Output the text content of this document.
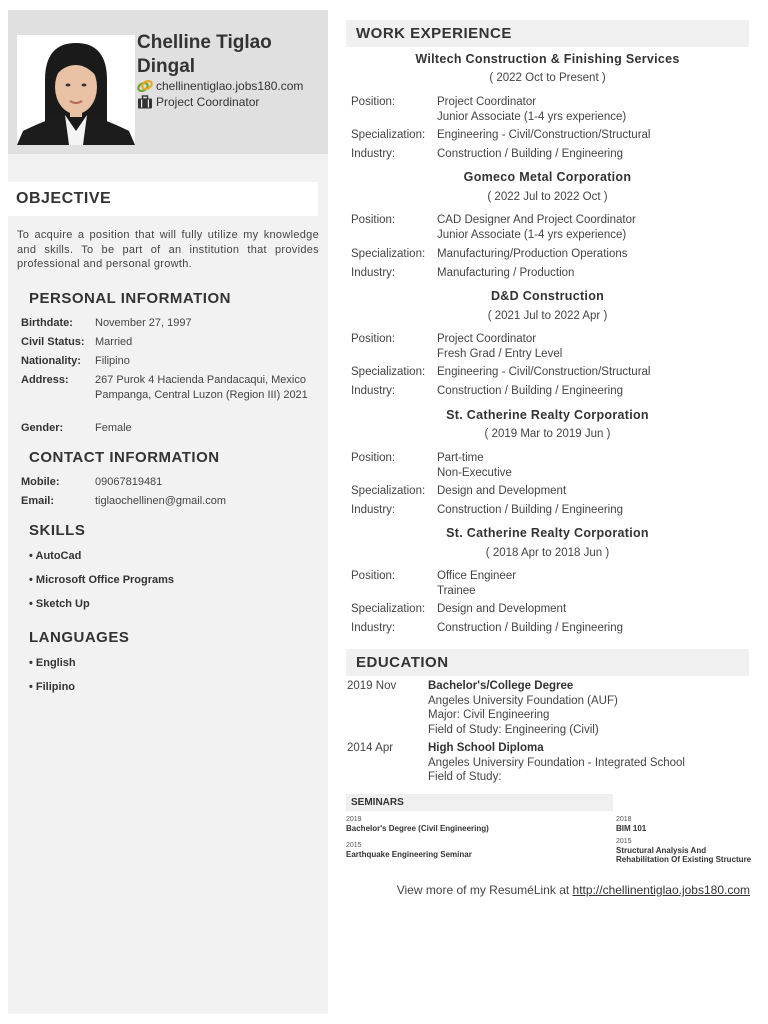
Chelline Tiglao Dingal
chellinentiglao.jobs180.com
Project Coordinator
OBJECTIVE
To acquire a position that will fully utilize my knowledge and skills. To be part of an institution that provides professional and personal growth.
PERSONAL INFORMATION
Birthdate:	November 27, 1997
Civil Status: Married
Nationality:	Filipino
Address:	267 Purok 4 Hacienda Pandacaqui, Mexico Pampanga, Central Luzon (Region III) 2021
Gender:	Female
CONTACT INFORMATION
Mobile:	09067819481
Email:	tiglaochellinen@gmail.com
SKILLS
• AutoCad
• Microsoft Office Programs
• Sketch Up
LANGUAGES
• English
• Filipino
WORK EXPERIENCE
Wiltech Construction & Finishing Services
( 2022 Oct to Present )
Position:	Project Coordinator
Junior Associate (1-4 yrs experience)
Specialization:	Engineering - Civil/Construction/Structural
Industry:	Construction / Building / Engineering
Gomeco Metal Corporation
( 2022 Jul to 2022 Oct )
Position:	CAD Designer And Project Coordinator
Junior Associate (1-4 yrs experience)
Specialization:	Manufacturing/Production Operations
Industry:	Manufacturing / Production
D&D Construction
( 2021 Jul to 2022 Apr )
Position:	Project Coordinator
Fresh Grad / Entry Level
Specialization:	Engineering - Civil/Construction/Structural
Industry:	Construction / Building / Engineering
St. Catherine Realty Corporation
( 2019 Mar to 2019 Jun )
Position:	Part-time
Non-Executive
Specialization:	Design and Development
Industry:	Construction / Building / Engineering
St. Catherine Realty Corporation
( 2018 Apr to 2018 Jun )
Position:	Office Engineer
Trainee
Specialization:	Design and Development
Industry:	Construction / Building / Engineering
EDUCATION
2019 Nov	Bachelor's/College Degree
Angeles University Foundation (AUF)
Major: Civil Engineering
Field of Study: Engineering (Civil)
2014 Apr	High School Diploma
Angeles Universiry Foundation - Integrated School
Field of Study:
SEMINARS
2019
Bachelor's Degree (Civil Engineering)
2018
BIM 101
2015
Earthquake Engineering Seminar
2015
Structural Analysis And Rehabilitation Of Existing Structure
View more of my ResuméLink at http://chellinentiglao.jobs180.com
